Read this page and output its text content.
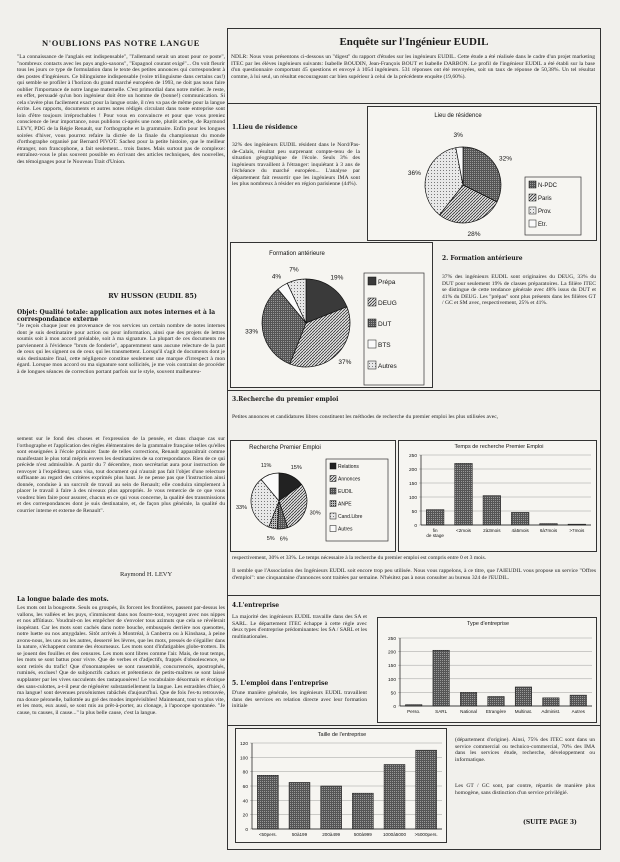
N'OUBLIONS PAS NOTRE LANGUE
"La connaissance de l'anglais est indispensable", "l'allemand serait un atout pour ce poste", "nombreux contacts avec les pays anglo-saxons", "Espagnol courant exigé"... On voit fleurir tous les jours ce type de formulation dans le texte des petites annonces qui correspondent à des postes d'ingénieurs. Ce bilinguisme indispensable (voire trilinguisme dans certains cas!) qui semble se profiler à l'horizon du grand marché européen de 1993, ne doit pas nous faire oublier l'importance de notre langue maternelle. C'est primordial dans notre métier. Je reste, en effet, persuadé qu'un bon ingénieur doit être un homme de (bonne!) communication. Si cela s'avère plus facilement exact pour la langue orale, il n'en va pas de même pour la langue écrite. Les rapports, documents et autres notes rédigés circulant dans toute entreprise sont loin d'être toujours irréprochables ! Pour vous en convaincre et pour que vous preniez conscience de leur importance, nous publions ci-après une note, plutôt acerbe, de Raymond LEVY, PDG de la Régie Renault, sur l'orthographe et la grammaire. Enfin pour les longues soirées d'hiver, vous pourrez refaire la dictée de la finale du championnat du monde d'orthographe organisé par Bernard PIVOT. Sachez pour la petite histoire, que le meilleur étranger, non francophone, a fait seulement... trois fautes. Mais surtout pas de complexe: entraînez-vous le plus souvent possible en écrivant des articles techniques, des nouvelles, des témoignages pour le Nouveau Trait d'Union.
RV HUSSON (EUDIL 85)
Objet: Qualité totale: application aux notes internes et à la correspondance externe
"Je reçois chaque jour en provenance de vos services un certain nombre de notes internes dont je suis destinataire pour action ou pour information, ainsi que des projets de lettres soumis soit à mon accord préalable, soit à ma signature. La plupart de ces documents me parviennent à l'évidence "bruts de fonderie", apparemment sans aucune relecture de la part de ceux qui les signent ou de ceux qui les transmettent. Lorsqu'il s'agit de documents dont je suis destinataire final, cette négligence constitue seulement une marque d'irrespect à mon égard. Lorsque mon accord ou ma signature sont sollicités, je me vois contraint de procéder à de longues séances de correction portant parfois sur le style, souvent malheureu-
sement sur le fond des choses et l'expression de la pensée, et dans chaque cas sur l'orthographe et l'application des règles élémentaires de la grammaire française telles qu'elles sont enseignées à l'école primaire: faute de telles corrections, Renault apparaîtrait comme manifestant le plus total mépris envers les destinataires de sa correspondance. Rien de ce qui précède n'est admissible. A partir du 7 décembre, mon secrétariat aura pour instruction de renvoyer à l'expéditeur, sans visa, tout document qui n'aurait pas fait l'objet d'une relecture suffisante au regard des critères exprimés plus haut. Je ne pense pas que l'instruction ainsi donnée, conduise à un surcroît de travail au sein de Renault; elle conduira simplement à placer le travail à faire à des niveaux plus appropriés. Je vous remercie de ce que vous voudrez bien faire pour assurer, chacun en ce qui vous concerne, la qualité des transmissions et des correspondances dont je suis destinataire, et, de façon plus générale, la qualité du courrier interne et externe de Renault".
Raymond H. LEVY
La longue balade des mots.
Les mots ont la bougeotte. Seuls ou groupés, ils forcent les frontières, passent par-dessus les vallons, les vallées et les puys, s'immiscent dans nos fourre-tout, voyagent avec nos nippes et nos affûtiaux. Voudrait-on les empêcher de s'envoler tous azimuts que cela se révélerait inopérant. Car les mots sont cachés dans notre bouche, embusqués derrière nos quenottes, notre luette ou nos amygdales. Sitôt arrivés à Montréal, à Canberra ou à Kinshasa, à peine avons-nous, les uns ou les autres, desserré les lèvres, que les mots, pressés de s'égailler dans la nature, s'échappent comme des étourneaux. Les mots sont d'infatigables globe-trotters. Ils se jouent des fouilles et des censures. Les mots sont libres comme l'air. Mais, de tout temps, les mots se sont battus pour vivre. Que de verbes et d'adjectifs, frappés d'obsolescence, se sont retirés du trafic! Que d'onomatopées se sont rassemblé, concurrencés, apostrophés, ruminés, exclues! Que de subjonctifs caducs et prétentieux de petits-maîtres se sont laissé supplanter par les vives succulents des rastaquouères! Le vocabulaire désormais et érotique des sans-culottes, a-t-il peur de régénérer substantiellement la langue. Les estrasbles d'hier, ô ma langue! sont devenues proxénismes rabâchés d'aujourd'hui. Que de fois l'es-tu retrouvée, ma douce péronelle, ballottée au gré des modes imprévisibles! Maintenant, tout va plus vite, et les mots, eux aussi, se sont mis au prêt-à-porter, au clonage, à l'apocope spontanée. "Je cause, tu causes, il cause..." la plus belle cause, c'est la langue.
Enquête sur l'Ingénieur EUDIL
NDLR: Nous vous présentons ci-dessous un "digest" du rapport d'études sur les ingénieurs EUDIL. Cette étude a été réalisée dans le cadre d'un projet marketing ITEC par les élèves ingénieurs suivants: Isabelle BOUDIN, Jean-François BOUT et Isabelle DARBON. Le profil de l'ingénieur EUDIL a été établi sur la base d'un questionnaire comportant 45 questions et envoyé à 1054 ingénieurs. 531 réponses ont été renvoyées, soit un taux de réponse de 50,38%. Un tel résultat comme, à lui seul, un résultat encourageant car bien supérieur à celui de la précédente enquête (19,60%).
1.Lieu de résidence
32% des ingénieurs EUDIL résident dans le Nord/Pas-de-Calais, résultat peu surprenant compte-tenu de la situation géographique de l'école. Seuls 3% des ingénieurs travaillent à l'étranger: inquiétant à 3 ans de l'échéance du marché européen... L'analyse par département fait ressortir que les ingénieurs IMA sont les plus nombreux à résider en région parisienne (44%).
Lieu de résidence
32%
28%
36%
3%
N-PDC
Paris
Prov.
Etr.
Formation antérieure
19%
37%
33%
4%
7%
Prépa
DEUG
DUT
BTS
Autres
2. Formation antérieure
37% des ingénieurs EUDIL sont originaires du DEUG, 33% du DUT pour seulement 19% de classes préparatoires. La filière ITEC se distingue de cette tendance générale avec 48% issus du DUT et 41% du DEUG. Les "prépas" sont plus présents dans les filières GT / GC et SM avec, respectivement, 25% et 41%.
3.Recherche du premier emploi
Petites annonces et candidatures libres constituent les méthodes de recherche du premier emploi les plus utilisées avec,
Recherche Premier Emploi
15%
30%
6%
5%
33%
11%	Relations
Annonces
EUDIL
ANPE
Cand.Libre
Autres
Temps de recherche Premier Emploi
0
50
100
150
200
250
fin
de stage
<2mois	2à3mois 4à5mois 6à7mois	>7mois
respectivement, 30% et 33%. Le temps nécessaire à la recherche du premier emploi est compris entre 0 et 3 mois.
Il semble que l'Association des Ingénieurs EUDIL soit encore trop peu utilisée. Nous vous rappelons, à ce titre, que l'AIEUDIL vous propose un service "Offres d'emploi": une cinquantaine d'annonces sont traitées par semaine. N'hésitez pas à nous consulter au bureau 324 de l'EUDIL.
4.L'entreprise
La majorité des ingénieurs EUDIL travaille dans des SA et SARL. Le département ITEC échappe à cette règle avec deux types d'entreprise prédominantes: les SA / SARL et les multinationales.
Type d'entreprise
0
50
100
150
200
250
Perso.	SARL	National Etrangère Multinat. Administ. Autres
5. L'emploi dans l'entreprise
D'une manière générale, les ingénieurs EUDIL travaillent dans des services en relation directe avec leur formation initiale
Taille de l'entreprise
0
20
40
60
80
100
120
<50pers.	50à199	200à499	500à999 1000à5000 >5000pers.
(département d'origine). Ainsi, 75% des ITEC sont dans un service commercial ou technico-commercial, 70% des IMA dans les services étude, recherche, développement ou informatique.
Les GT / GC sont, par contre, répartis de manière plus homogène, sans distinction d'un service privilégié.
(SUITE PAGE 3)
